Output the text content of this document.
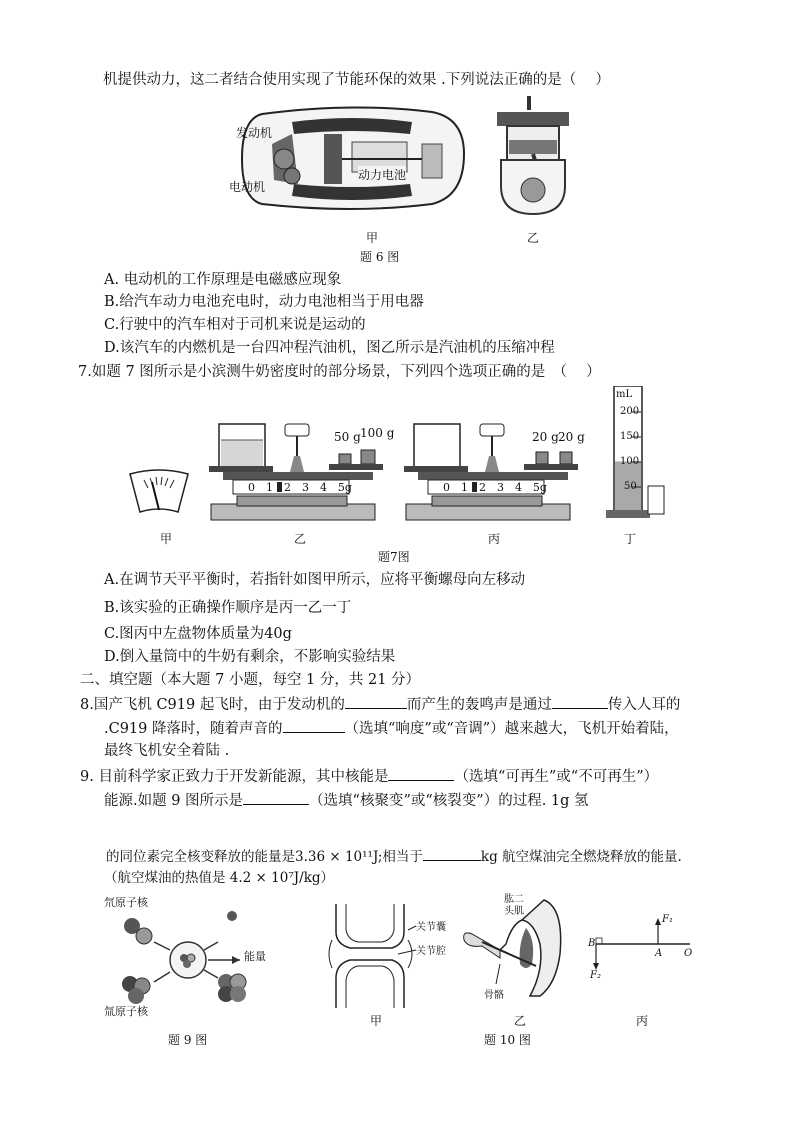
机提供动力，这二者结合使用实现了节能环保的效果 .下列说法正确的是（　 ）
发动机
电动机
动力电池
甲	乙
题 6 图
A. 电动机的工作原理是电磁感应现象
B.给汽车动力电池充电时，动力电池相当于用电器
C.行驶中的汽车相对于司机来说是运动的
D.该汽车的内燃机是一台四冲程汽油机，图乙所示是汽油机的压缩冲程
7.如题 7 图所示是小滨测牛奶密度时的部分场景，下列四个选项正确的是　（　 ）
50 g 100 g
0 1 2 3 4 5g
20 g 20 g
0 1 2 3 4 5g
mL
200
150
100
50
甲	乙	丙	丁
题7图
A.在调节天平平衡时，若指针如图甲所示，应将平衡螺母向左移动
B.该实验的正确操作顺序是丙一乙一丁
C.图丙中左盘物体质量为40g
D.倒入量筒中的牛奶有剩余，不影响实验结果
二、填空题（本大题 7 小题，每空 1 分，共 21 分）
8.国产飞机 C919 起飞时，由于发动机的	而产生的轰鸣声是通过	传入人耳的
.C919 降落时，随着声音的	（选填“响度”或“音调”）越来越大，飞机开始着陆，
最终飞机安全着陆 .
9. 目前科学家正致力于开发新能源，其中核能是	（选填“可再生”或“不可再生”）
能源.如题 9 图所示是	（选填“核聚变”或“核裂变”）的过程. 1g 氢
的同位素完全核变释放的能量是3.36 × 10¹¹J;相当于	kg 航空煤油完全燃烧释放的能量.
（航空煤油的热值是 4.2 × 10⁷J/kg）
氘原子核
能量
氚原子核
题 9 图
关节囊
关节腔
甲
肱二头肌
骨骼
乙
题 10 图
F₁
F₂
A
B
O
丙
